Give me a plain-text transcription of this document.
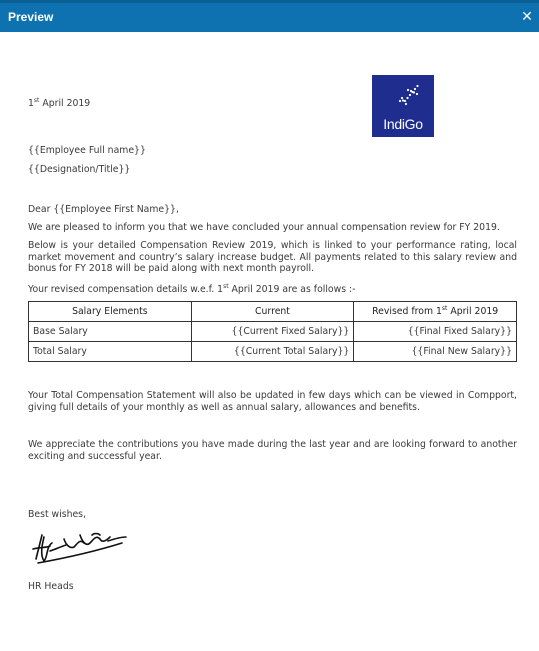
Preview	✕
1st April 2019
IndiGo
{{Employee Full name}}
{{Designation/Title}}
Dear {{Employee First Name}},
We are pleased to inform you that we have concluded your annual compensation review for FY 2019.
Below is your detailed Compensation Review 2019, which is linked to your performance rating, local market movement and country’s salary increase budget. All payments related to this salary review and bonus for FY 2018 will be paid along with next month payroll.
Your revised compensation details w.e.f. 1st April 2019 are as follows :-
Salary Elements	Current	Revised from 1st April 2019
Base Salary	{{Current Fixed Salary}}	{{Final Fixed Salary}}
Total Salary	{{Current Total Salary}}	{{Final New Salary}}
Your Total Compensation Statement will also be updated in few days which can be viewed in Compport, giving full details of your monthly as well as annual salary, allowances and benefits.
We appreciate the contributions you have made during the last year and are looking forward to another exciting and successful year.
Best wishes,
HR Heads
